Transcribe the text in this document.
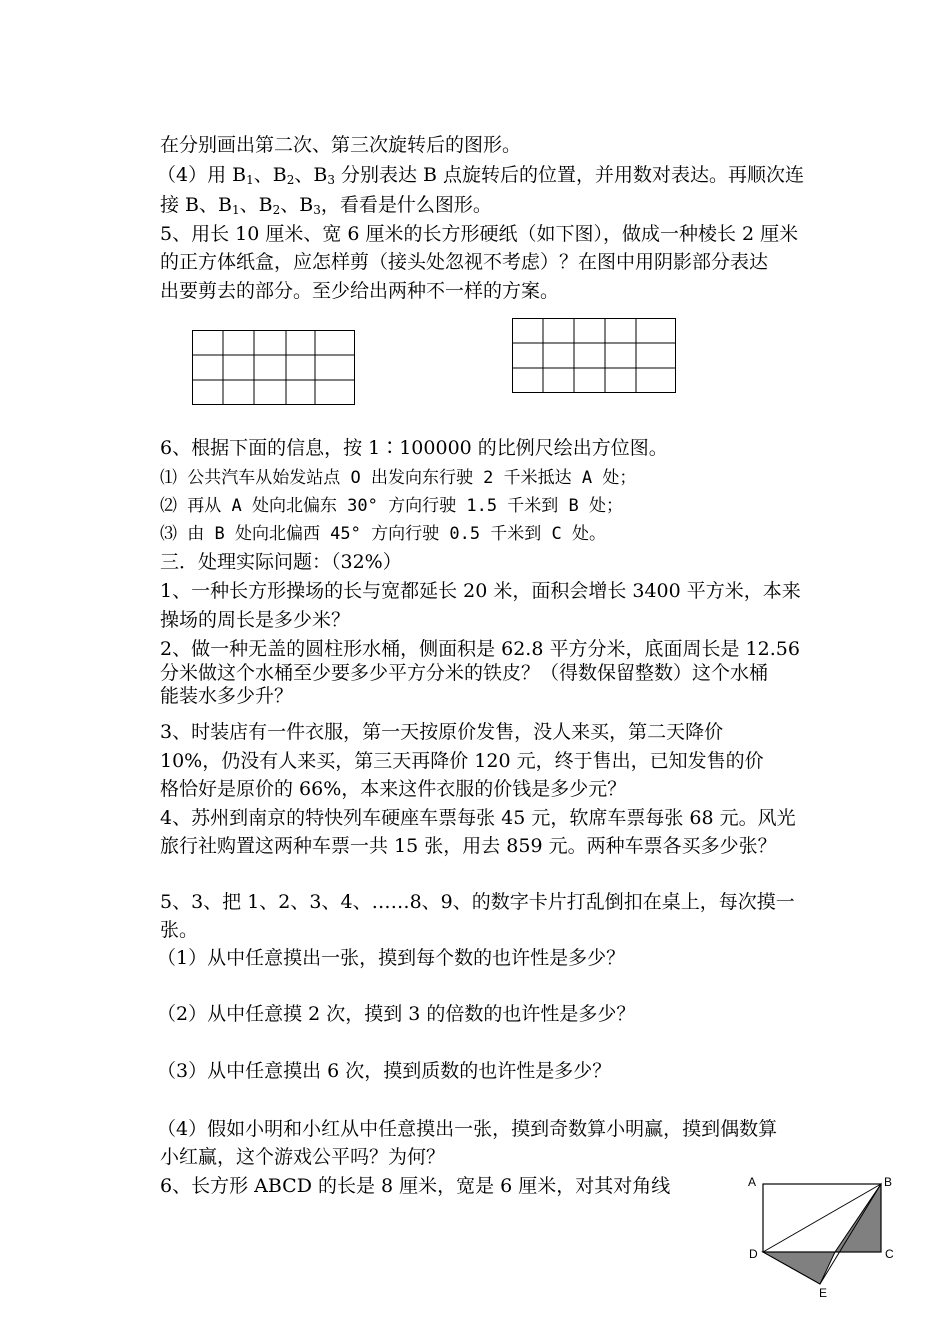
在分别画出第二次、第三次旋转后的图形。
（4）用 $B_1$、$B_2$、$B_3$ 分别表达 B 点旋转后的位置，并用数对表达。再顺次连
接 B、$B_1$、$B_2$、$B_3$，看看是什么图形。
5、用长 10 厘米、宽 6 厘米的长方形硬纸（如下图），做成一种棱长 2 厘米
的正方体纸盒，应怎样剪（接头处忽视不考虑）？在图中用阴影部分表达
出要剪去的部分。至少给出两种不一样的方案。
6、根据下面的信息，按 1∶100000 的比例尺绘出方位图。
⑴ 公共汽车从始发站点 O 出发向东行驶 2 千米抵达 A 处；
⑵ 再从 A 处向北偏东 30° 方向行驶 1.5 千米到 B 处；
⑶ 由 B 处向北偏西 45° 方向行驶 0.5 千米到 C 处。
三．处理实际问题：（32%）
1、一种长方形操场的长与宽都延长 20 米，面积会增长 3400 平方米，本来
操场的周长是多少米？
2、做一种无盖的圆柱形水桶，侧面积是 62.8 平方分米，底面周长是 12.56
分米做这个水桶至少要多少平方分米的铁皮？（得数保留整数）这个水桶
能装水多少升？
3、时装店有一件衣服，第一天按原价发售，没人来买，第二天降价
10%，仍没有人来买，第三天再降价 120 元，终于售出，已知发售的价
格恰好是原价的 66%，本来这件衣服的价钱是多少元？
4、苏州到南京的特快列车硬座车票每张 45 元，软席车票每张 68 元。风光
旅行社购置这两种车票一共 15 张，用去 859 元。两种车票各买多少张？
5、3、把 1、2、3、4、……8、9、的数字卡片打乱倒扣在桌上，每次摸一
张。
（1）从中任意摸出一张，摸到每个数的也许性是多少？
（2）从中任意摸 2 次，摸到 3 的倍数的也许性是多少？
（3）从中任意摸出 6 次，摸到质数的也许性是多少？
（4）假如小明和小红从中任意摸出一张，摸到奇数算小明赢，摸到偶数算
小红赢，这个游戏公平吗？为何？
6、长方形 ABCD 的长是 8 厘米，宽是 6 厘米，对其对角线	A	B
C
D
E
